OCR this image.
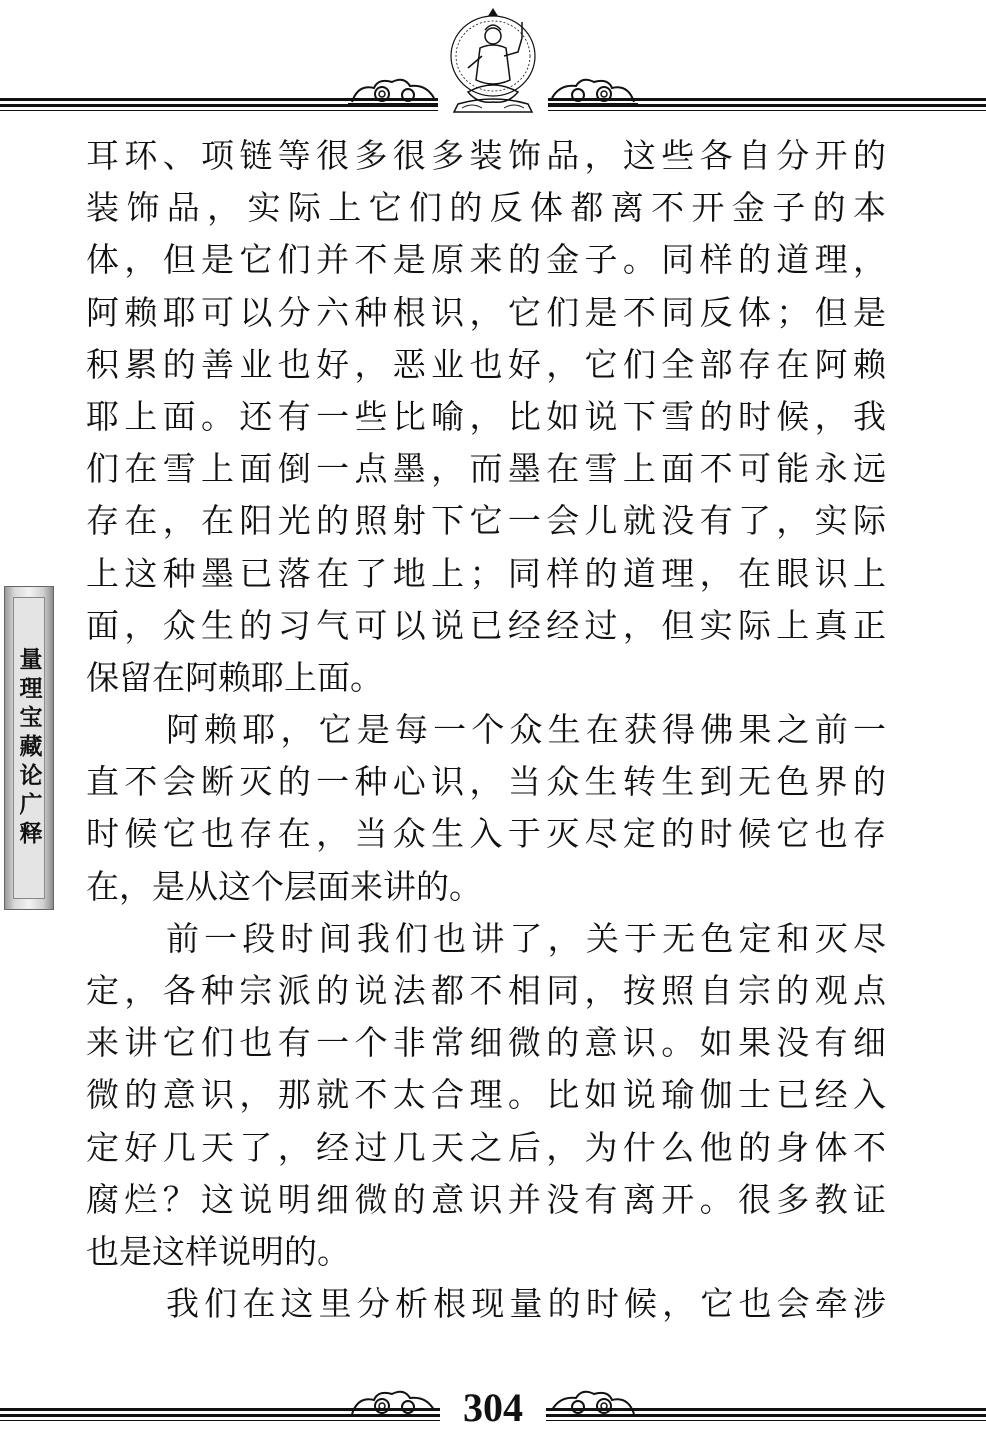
量理宝藏论广释
耳环、项链等很多很多装饰品，这些各自分开的
装饰品，实际上它们的反体都离不开金子的本
体，但是它们并不是原来的金子。同样的道理，
阿赖耶可以分六种根识，它们是不同反体；但是
积累的善业也好，恶业也好，它们全部存在阿赖
耶上面。还有一些比喻，比如说下雪的时候，我
们在雪上面倒一点墨，而墨在雪上面不可能永远
存在，在阳光的照射下它一会儿就没有了，实际
上这种墨已落在了地上；同样的道理，在眼识上
面，众生的习气可以说已经经过，但实际上真正
保留在阿赖耶上面。
阿赖耶，它是每一个众生在获得佛果之前一
直不会断灭的一种心识，当众生转生到无色界的
时候它也存在，当众生入于灭尽定的时候它也存
在，是从这个层面来讲的。
前一段时间我们也讲了，关于无色定和灭尽
定，各种宗派的说法都不相同，按照自宗的观点
来讲它们也有一个非常细微的意识。如果没有细
微的意识，那就不太合理。比如说瑜伽士已经入
定好几天了，经过几天之后，为什么他的身体不
腐烂？这说明细微的意识并没有离开。很多教证
也是这样说明的。
我们在这里分析根现量的时候，它也会牵涉
304
